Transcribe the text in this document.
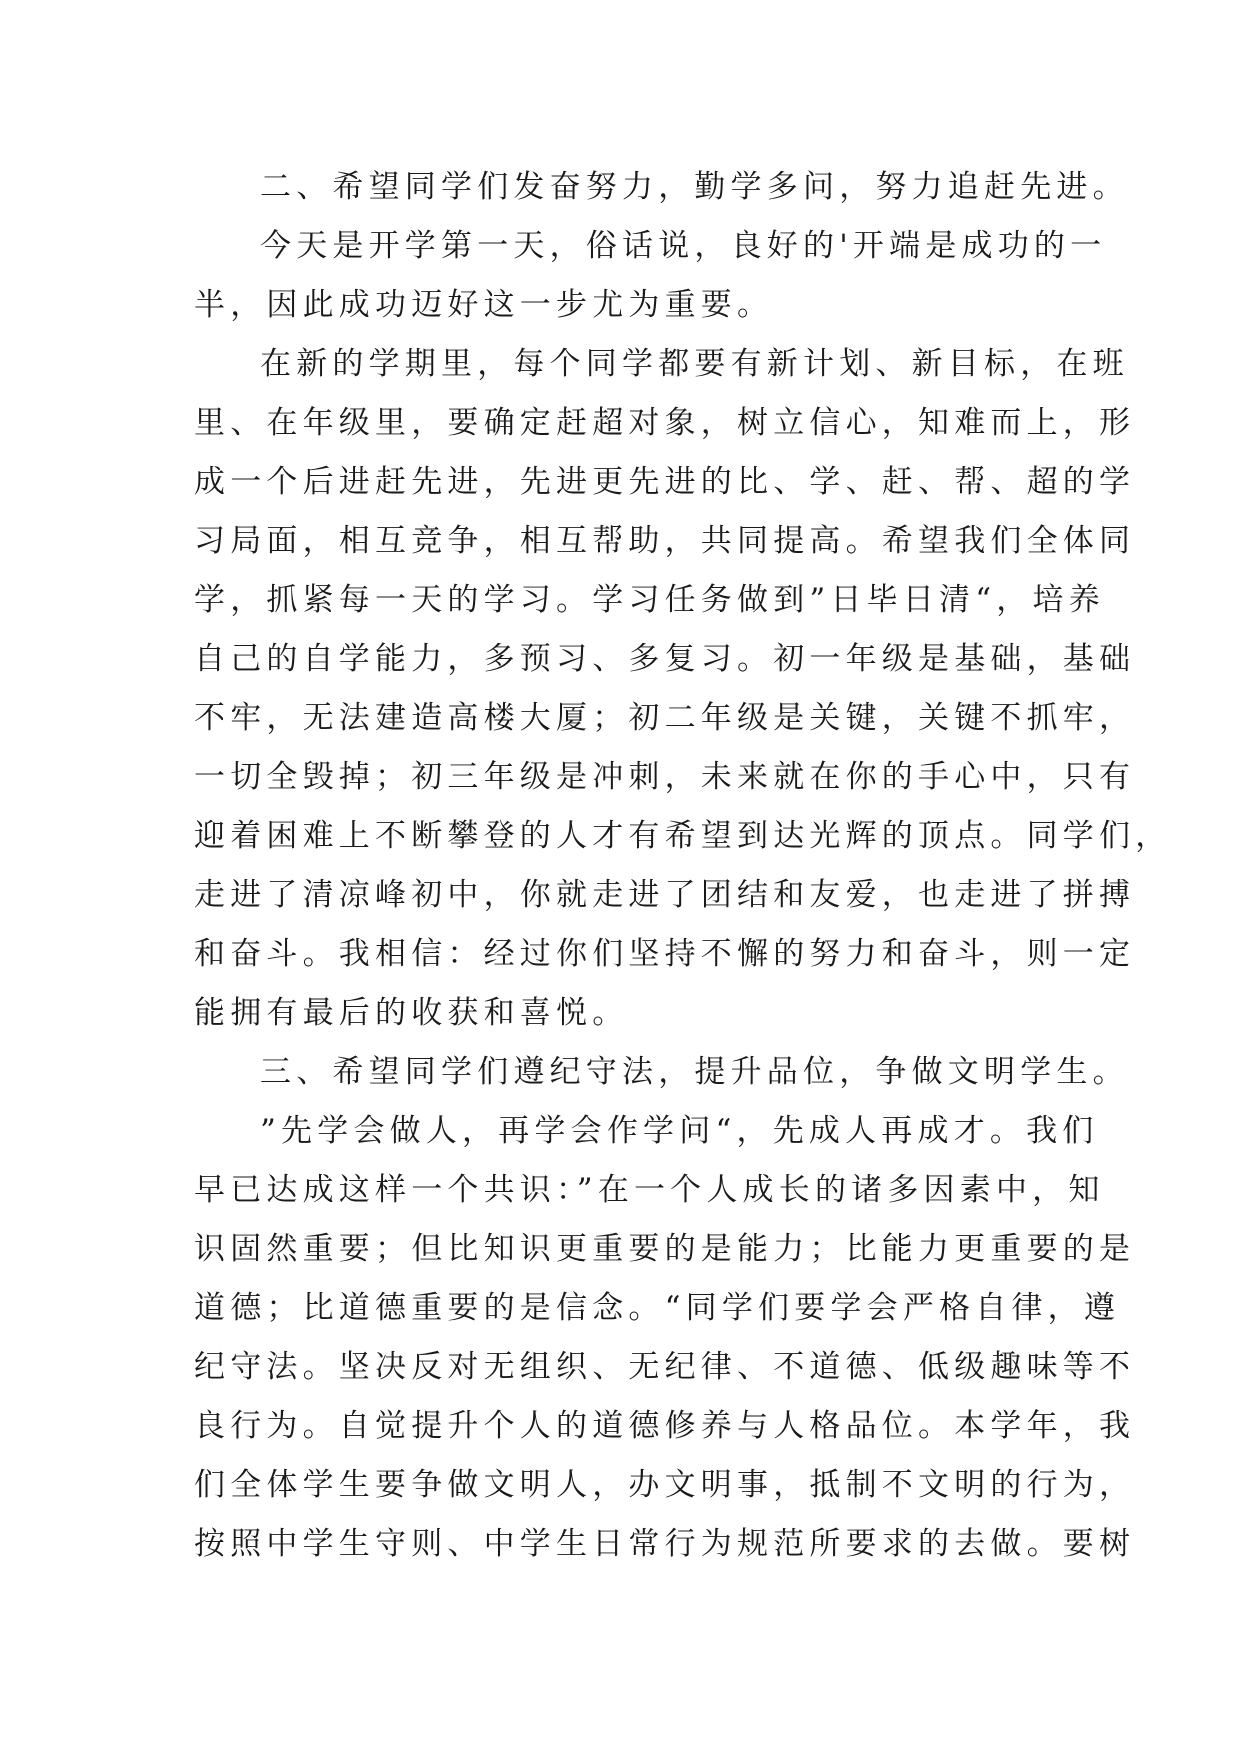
二、希望同学们发奋努力，勤学多问，努力追赶先进。
今天是开学第一天，俗话说，良好的'开端是成功的一
半，因此成功迈好这一步尤为重要。
在新的学期里，每个同学都要有新计划、新目标，在班
里、在年级里，要确定赶超对象，树立信心，知难而上，形
成一个后进赶先进，先进更先进的比、学、赶、帮、超的学
习局面，相互竞争，相互帮助，共同提高。希望我们全体同
学，抓紧每一天的学习。学习任务做到”日毕日清“，培养
自己的自学能力，多预习、多复习。初一年级是基础，基础
不牢，无法建造高楼大厦；初二年级是关键，关键不抓牢，
一切全毁掉；初三年级是冲刺，未来就在你的手心中，只有
迎着困难上不断攀登的人才有希望到达光辉的顶点。同学们，
走进了清凉峰初中，你就走进了团结和友爱，也走进了拼搏
和奋斗。我相信：经过你们坚持不懈的努力和奋斗，则一定
能拥有最后的收获和喜悦。
三、希望同学们遵纪守法，提升品位，争做文明学生。
”先学会做人，再学会作学问“，先成人再成才。我们
早已达成这样一个共识：”在一个人成长的诸多因素中，知
识固然重要；但比知识更重要的是能力；比能力更重要的是
道德；比道德重要的是信念。“同学们要学会严格自律，遵
纪守法。坚决反对无组织、无纪律、不道德、低级趣味等不
良行为。自觉提升个人的道德修养与人格品位。本学年，我
们全体学生要争做文明人，办文明事，抵制不文明的行为，
按照中学生守则、中学生日常行为规范所要求的去做。要树
